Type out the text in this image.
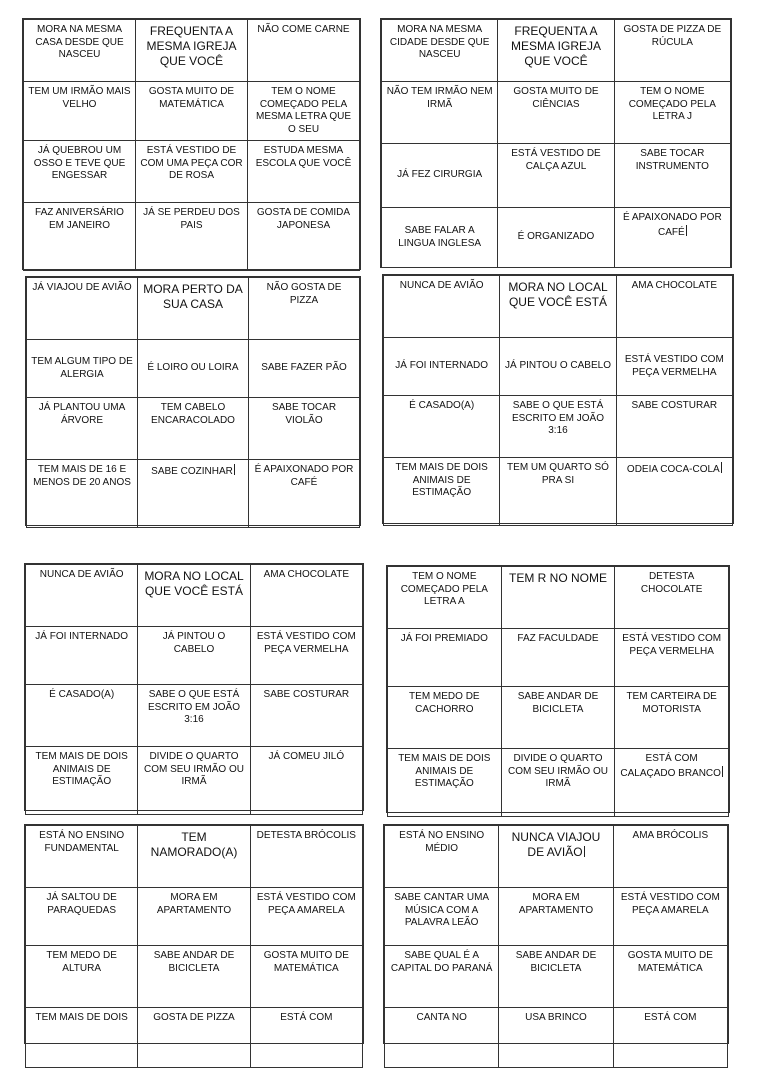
MORA NA MESMA CASA DESDE QUE NASCEU	FREQUENTA A MESMA IGREJA QUE VOCÊ	NÃO COME CARNE
TEM UM IRMÃO MAIS VELHO	GOSTA MUITO DE MATEMÁTICA	TEM O NOME COMEÇADO PELA MESMA LETRA QUE O SEU
JÁ QUEBROU UM OSSO E TEVE QUE ENGESSAR	ESTÁ VESTIDO DE COM UMA PEÇA COR DE ROSA	ESTUDA MESMA ESCOLA QUE VOCÊ
FAZ ANIVERSÁRIO EM JANEIRO	JÁ SE PERDEU DOS PAIS	GOSTA DE COMIDA JAPONESA
MORA NA MESMA CIDADE DESDE QUE NASCEU	FREQUENTA A MESMA IGREJA QUE VOCÊ	GOSTA DE PIZZA DE RÚCULA
NÃO TEM IRMÃO NEM IRMÃ	GOSTA MUITO DE CIÊNCIAS	TEM O NOME COMEÇADO PELA LETRA J
JÁ FEZ CIRURGIA	ESTÁ VESTIDO DE CALÇA AZUL	SABE TOCAR INSTRUMENTO
SABE FALAR A LINGUA INGLESA	É ORGANIZADO	É APAIXONADO POR CAFÉ
JÁ VIAJOU DE AVIÃO	MORA PERTO DA SUA CASA	NÃO GOSTA DE PIZZA
TEM ALGUM TIPO DE ALERGIA	É LOIRO OU LOIRA	SABE FAZER PÃO
JÁ PLANTOU UMA ÁRVORE	TEM CABELO ENCARACOLADO	SABE TOCAR VIOLÃO
TEM MAIS DE 16 E MENOS DE 20 ANOS	SABE COZINHAR	É APAIXONADO POR CAFÉ
NUNCA DE AVIÃO	MORA NO LOCAL QUE VOCÊ ESTÁ	AMA CHOCOLATE
JÁ FOI INTERNADO	JÁ PINTOU O CABELO	ESTÁ VESTIDO COM PEÇA VERMELHA
É CASADO(A)	SABE O QUE ESTÁ ESCRITO EM JOÃO 3:16	SABE COSTURAR
TEM MAIS DE DOIS ANIMAIS DE ESTIMAÇÃO	TEM UM QUARTO SÓ PRA SI	ODEIA COCA-COLA
NUNCA DE AVIÃO	MORA NO LOCAL QUE VOCÊ ESTÁ	AMA CHOCOLATE
JÁ FOI INTERNADO	JÁ PINTOU O CABELO	ESTÁ VESTIDO COM PEÇA VERMELHA
É CASADO(A)	SABE O QUE ESTÁ ESCRITO EM JOÃO 3:16	SABE COSTURAR
TEM MAIS DE DOIS ANIMAIS DE ESTIMAÇÃO	DIVIDE O QUARTO COM SEU IRMÃO OU IRMÃ	JÁ COMEU JILÓ
TEM O NOME COMEÇADO PELA LETRA A	TEM R NO NOME	DETESTA CHOCOLATE
JÁ FOI PREMIADO	FAZ FACULDADE	ESTÁ VESTIDO COM PEÇA VERMELHA
TEM MEDO DE CACHORRO	SABE ANDAR DE BICICLETA	TEM CARTEIRA DE MOTORISTA
TEM MAIS DE DOIS ANIMAIS DE ESTIMAÇÃO	DIVIDE O QUARTO COM SEU IRMÃO OU IRMÃ	ESTÁ COM CALAÇADO BRANCO
ESTÁ NO ENSINO FUNDAMENTAL	TEM NAMORADO(A)	DETESTA BRÓCOLIS
JÁ SALTOU DE PARAQUEDAS	MORA EM APARTAMENTO	ESTÁ VESTIDO COM PEÇA AMARELA
TEM MEDO DE ALTURA	SABE ANDAR DE BICICLETA	GOSTA MUITO DE MATEMÁTICA
TEM MAIS DE DOIS	GOSTA DE PIZZA	ESTÁ COM
ESTÁ NO ENSINO MÉDIO	NUNCA VIAJOU DE AVIÃO	AMA BRÓCOLIS
SABE CANTAR UMA MÚSICA COM A PALAVRA LEÃO	MORA EM APARTAMENTO	ESTÁ VESTIDO COM PEÇA AMARELA
SABE QUAL É A CAPITAL DO PARANÁ	SABE ANDAR DE BICICLETA	GOSTA MUITO DE MATEMÁTICA
CANTA NO	USA BRINCO	ESTÁ COM
